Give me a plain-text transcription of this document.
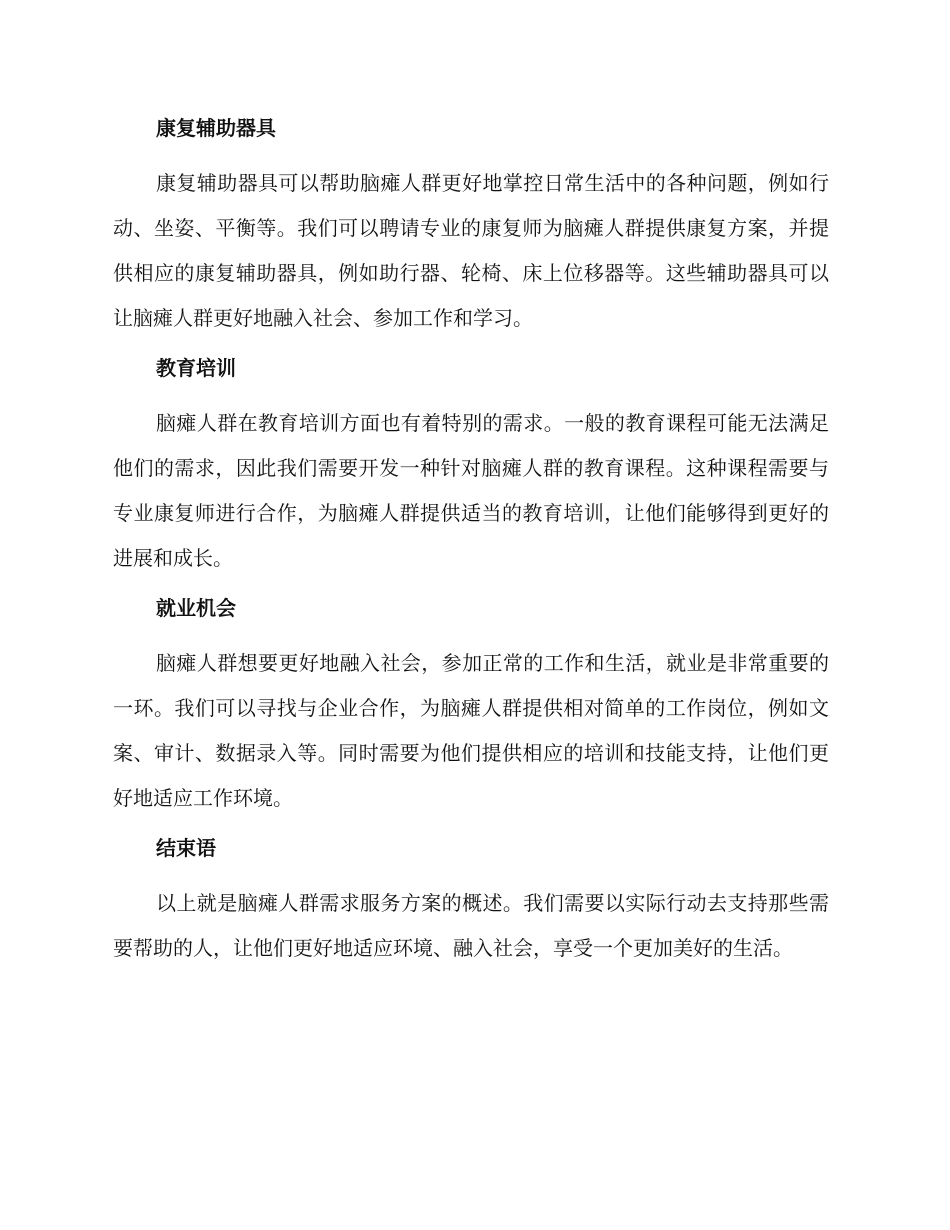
康复辅助器具

康复辅助器具可以帮助脑瘫人群更好地掌控日常生活中的各种问题，例如行动、坐姿、平衡等。我们可以聘请专业的康复师为脑瘫人群提供康复方案，并提供相应的康复辅助器具，例如助行器、轮椅、床上位移器等。这些辅助器具可以让脑瘫人群更好地融入社会、参加工作和学习。

教育培训

脑瘫人群在教育培训方面也有着特别的需求。一般的教育课程可能无法满足他们的需求，因此我们需要开发一种针对脑瘫人群的教育课程。这种课程需要与专业康复师进行合作，为脑瘫人群提供适当的教育培训，让他们能够得到更好的进展和成长。

就业机会

脑瘫人群想要更好地融入社会，参加正常的工作和生活，就业是非常重要的一环。我们可以寻找与企业合作，为脑瘫人群提供相对简单的工作岗位，例如文案、审计、数据录入等。同时需要为他们提供相应的培训和技能支持，让他们更好地适应工作环境。

结束语

以上就是脑瘫人群需求服务方案的概述。我们需要以实际行动去支持那些需要帮助的人，让他们更好地适应环境、融入社会，享受一个更加美好的生活。
